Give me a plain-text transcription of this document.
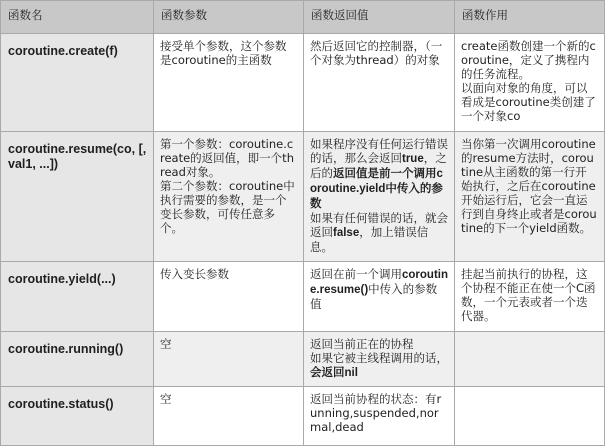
函数名	函数参数	函数返回值	函数作用
coroutine.create(f)	接受单个参数，这个参数是coroutine的主函数	然后返回它的控制器，（一个对象为thread）的对象	create函数创建一个新的coroutine，定义了携程内的任务流程。
以面向对象的角度，可以看成是coroutine类创建了一个对象co

coroutine.resume(co, [, val1, ...])	第一个参数：coroutine.create的返回值，即一个thread对象。
第二个参数：coroutine中执行需要的参数，是一个变长参数，可传任意多个。	如果程序没有任何运行错误的话，那么会返回true，之后的返回值是前一个调用coroutine.yield中传入的参数
如果有任何错误的话，就会返回false，加上错误信息。	当你第一次调用coroutine的resume方法时，coroutine从主函数的第一行开始执行，之后在coroutine开始运行后，它会一直运行到自身终止或者是coroutine的下一个yield函数。

coroutine.yield(...)	传入变长参数	返回在前一个调用coroutine.resume()中传入的参数值	挂起当前执行的协程，这个协程不能正在使一个C函数，一个元表或者一个迭代器。

coroutine.running()	空	返回当前正在的协程
如果它被主线程调用的话，会返回nil	

coroutine.status()	空	返回当前协程的状态：有running,suspended,normal,dead	
